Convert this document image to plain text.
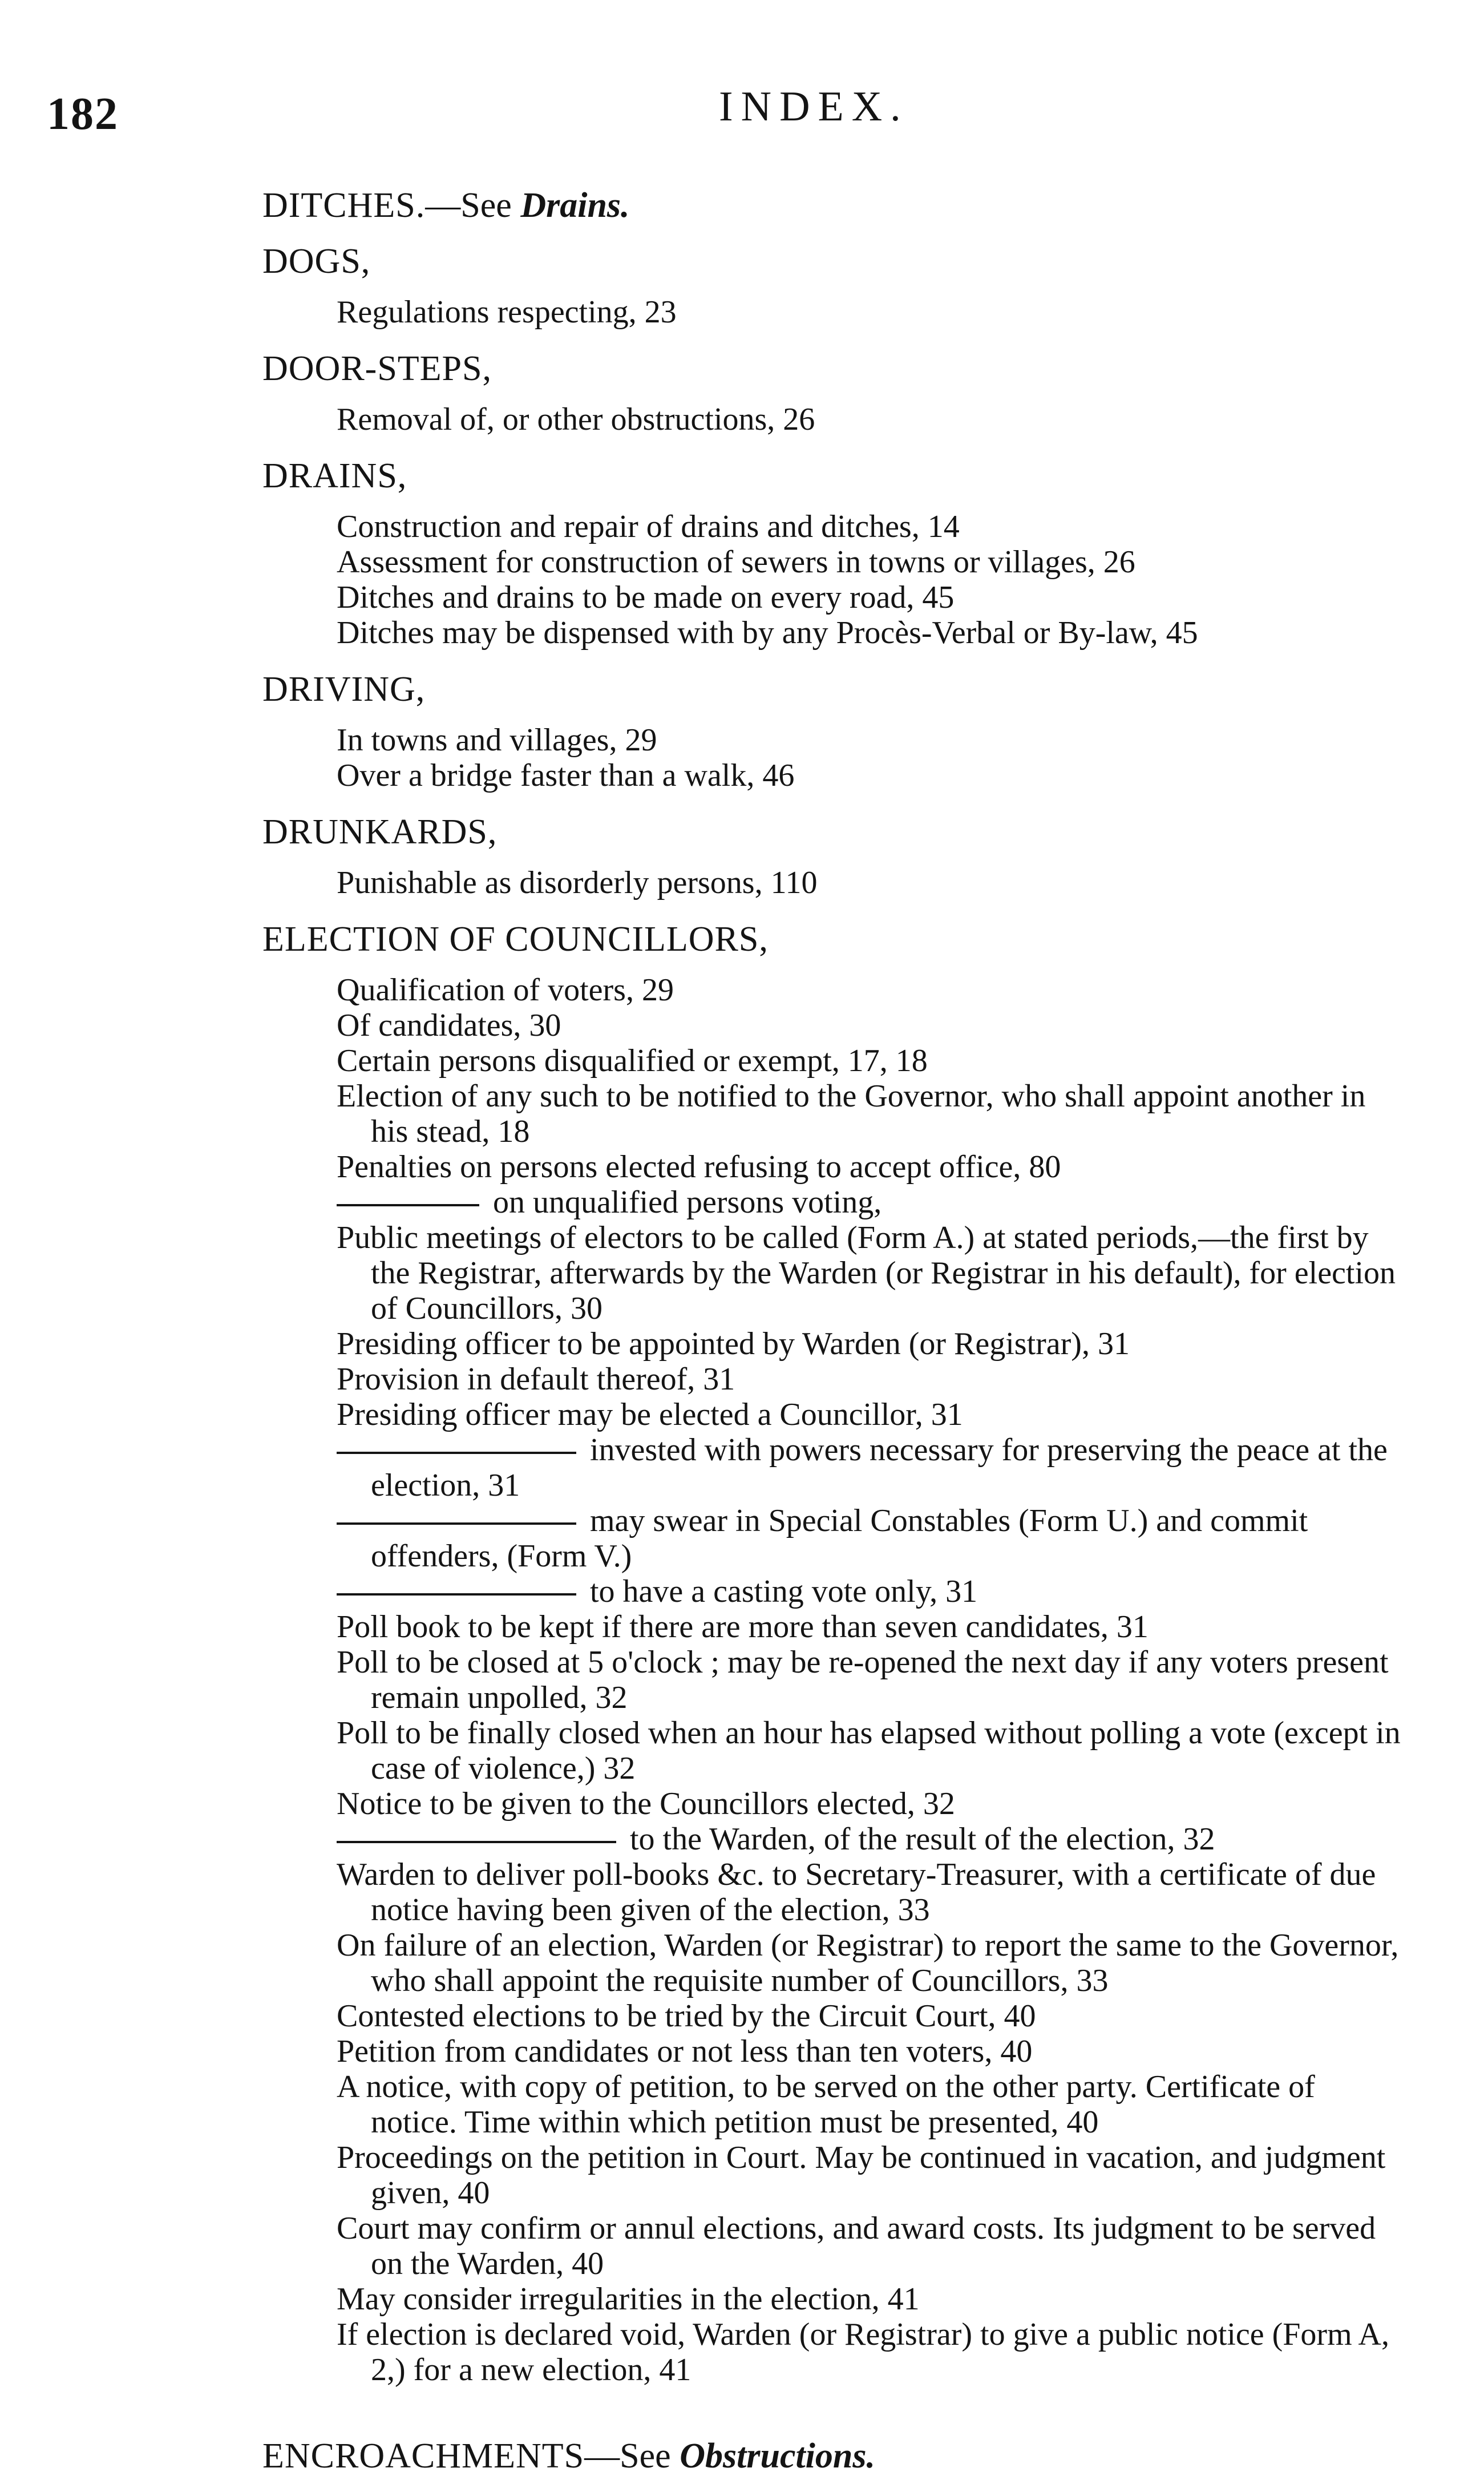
182	INDEX.
DITCHES.—See Drains.
DOGS,
Regulations respecting, 23
DOOR-STEPS,
Removal of, or other obstructions, 26
DRAINS,
Construction and repair of drains and ditches, 14
Assessment for construction of sewers in towns or villages, 26
Ditches and drains to be made on every road, 45
Ditches may be dispensed with by any Procès-Verbal or By-law, 45
DRIVING,
In towns and villages, 29
Over a bridge faster than a walk, 46
DRUNKARDS,
Punishable as disorderly persons, 110
ELECTION OF COUNCILLORS,
Qualification of voters, 29
Of candidates, 30
Certain persons disqualified or exempt, 17, 18
Election of any such to be notified to the Governor, who shall appoint another in his stead, 18
Penalties on persons elected refusing to accept office, 80
on unqualified persons voting,
Public meetings of electors to be called (Form A.) at stated periods,—the first by the Registrar, afterwards by the Warden (or Registrar in his default), for election of Councillors, 30
Presiding officer to be appointed by Warden (or Registrar), 31
Provision in default thereof, 31
Presiding officer may be elected a Councillor, 31
invested with powers necessary for preserving the peace at the election, 31
may swear in Special Constables (Form U.) and commit offenders, (Form V.)
to have a casting vote only, 31
Poll book to be kept if there are more than seven candidates, 31
Poll to be closed at 5 o'clock ; may be re-opened the next day if any voters present remain unpolled, 32
Poll to be finally closed when an hour has elapsed without polling a vote (except in case of violence,) 32
Notice to be given to the Councillors elected, 32
to the Warden, of the result of the election, 32
Warden to deliver poll-books &c. to Secretary-Treasurer, with a certificate of due notice having been given of the election, 33
On failure of an election, Warden (or Registrar) to report the same to the Governor, who shall appoint the requisite number of Councillors, 33
Contested elections to be tried by the Circuit Court, 40
Petition from candidates or not less than ten voters, 40
A notice, with copy of petition, to be served on the other party. Certificate of notice. Time within which petition must be presented, 40
Proceedings on the petition in Court. May be continued in vacation, and judgment given, 40
Court may confirm or annul elections, and award costs. Its judgment to be served on the Warden, 40
May consider irregularities in the election, 41
If election is declared void, Warden (or Registrar) to give a public notice (Form A, 2,) for a new election, 41
ENCROACHMENTS—See Obstructions.
